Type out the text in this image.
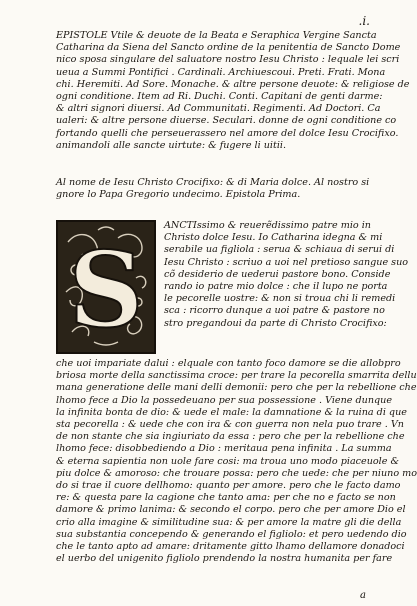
.i.
EPISTOLE Vtile & deuote de la Beata e Seraphica Vergine Sancta
Catharina da Siena del Sancto ordine de la penitentia de Sancto Dome
nico sposa singulare del saluatore nostro Iesu Christo : lequale lei scri
ueua a Summi Pontifici . Cardinali. Archiuescoui. Preti. Frati. Mona
chi. Heremiti. Ad Sore. Monache. & altre persone deuote: & religiose de
ogni conditione. Item ad Ri. Duchi. Conti. Capitani de genti darme:
& altri signori diuersi. Ad Communitati. Regimenti. Ad Doctori. Ca
ualeri: & altre persone diuerse. Seculari. donne de ogni conditione co
fortando quelli che perseuerassero nel amore del dolce Iesu Crocifixo.
animandoli alle sancte uirtute: & fugere li uitii.
Al nome de Iesu Christo Crocifixo: & di Maria dolce. Al nostro si
gnore lo Papa Gregorio undecimo. Epistola Prima.
S
ANCTIssimo & reuerẽdissimo patre mio in
Christo dolce Iesu. Io Catharina idegna & mi
serabile ua figliola : serua & schiaua di serui di
Iesu Christo : scriuo a uoi nel pretioso sangue suo
cõ desiderio de uederui pastore bono. Conside
rando io patre mio dolce : che il lupo ne porta
le pecorelle uostre: & non si troua chi li remedi
sca : ricorro dunque a uoi patre & pastore no
stro pregandoui da parte di Christo Crocifixo:
che uoi impariate dalui : elquale con tanto foco damore se die allobpro
briosa morte della sanctissima croce: per trare la pecorella smarrita dellu
mana generatione delle mani delli demonii: pero che per la rebellione che
lhomo fece a Dio la possedeuano per sua possessione . Viene dunque
la infinita bonta de dio: & uede el male: la damnatione & la ruina di que
sta pecorella : & uede che con ira & con guerra non nela puo trare . Vn
de non stante che sia ingiuriato da essa : pero che per la rebellione che
lhomo fece: disobbediendo a Dio : meritaua pena infinita . La summa
& eterna sapientia non uole fare cosi: ma troua uno modo piaceuole &
piu dolce & amoroso: che trouare possa: pero che uede: che per niuno mo
do si trae il cuore dellhomo: quanto per amore. pero che le facto damo
re: & questa pare la cagione che tanto ama: per che no e facto se non
damore & primo lanima: & secondo el corpo. pero che per amore Dio el
crio alla imagine & similitudine sua: & per amore la matre gli die della
sua substantia concependo & generando el figliolo: et pero uedendo dio
che le tanto apto ad amare: dritamente gitto lhamo dellamore donadoci
el uerbo del unigenito figliolo prendendo la nostra humanita per fare
a
